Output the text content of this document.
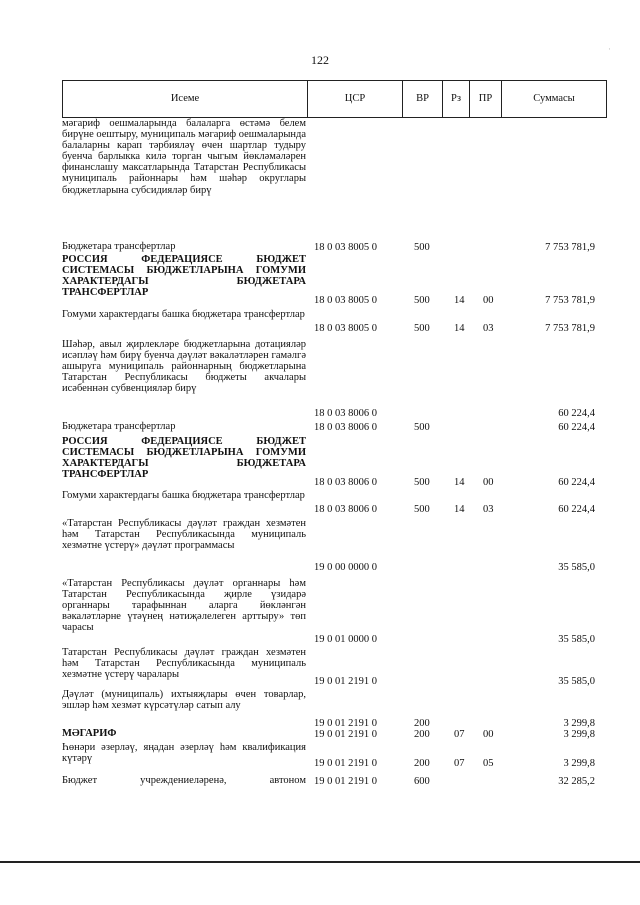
122
Исеме	ЦСР	ВР	Рз	ПР	Суммасы
мәгариф оешмаларында балаларга өстәмә белем бирүне оештыру, муниципаль мәгариф оешмаларында балаларны карап тәрбияләү өчен шартлар тудыру буенча барлыкка килә торган чыгым йөкләмәләрен финанслашу максатларында Татарстан Республикасы муниципаль районнары һәм шәһәр округлары бюджетларына субсидияләр бирү
Бюджетара трансфертлар	18 0 03 8005 0	500	7 753 781,9
РОССИЯ ФЕДЕРАЦИЯСЕ БЮДЖЕТ СИСТЕМАСЫ БЮДЖЕТЛАРЫНА ГОМУМИ ХАРАКТЕРДАГЫ БЮДЖЕТАРА ТРАНСФЕРТЛАР
18 0 03 8005 0	500 14 00	7 753 781,9
Гомуми характердагы башка бюджетара трансфертлар
18 0 03 8005 0	500 14 03	7 753 781,9
Шәһәр, авыл җирлекләре бюджетларына дотацияләр исәпләү һәм бирү буенча дәүләт вәкаләтләрен гамәлгә ашыруга муниципаль районнарның бюджетларына Татарстан Республикасы бюджеты акчалары исәбеннән субвенцияләр бирү
18 0 03 8006 0	60 224,4
Бюджетара трансфертлар	18 0 03 8006 0	500	60 224,4
РОССИЯ ФЕДЕРАЦИЯСЕ БЮДЖЕТ СИСТЕМАСЫ БЮДЖЕТЛАРЫНА ГОМУМИ ХАРАКТЕРДАГЫ БЮДЖЕТАРА ТРАНСФЕРТЛАР
18 0 03 8006 0	500 14 00	60 224,4
Гомуми характердагы башка бюджетара трансфертлар
18 0 03 8006 0	500 14 03	60 224,4
«Татарстан Республикасы дәүләт граждан хезмәтен һәм Татарстан Республикасында муниципаль хезмәтне үстерү» дәүләт программасы
19 0 00 0000 0	35 585,0
«Татарстан Республикасы дәүләт органнары һәм Татарстан Республикасында җирле үзидарә органнары тарафыннан аларга йөкләнгән вәкаләтләрне үтәүнең нәтиҗәлелеген арттыру» төп чарасы
19 0 01 0000 0	35 585,0
Татарстан Республикасы дәүләт граждан хезмәтен һәм Татарстан Республикасында муниципаль хезмәтне үстерү чаралары
19 0 01 2191 0	35 585,0
Дәүләт (муниципаль) ихтыяҗлары өчен товарлар, эшләр һәм хезмәт күрсәтүләр сатып алу
19 0 01 2191 0	200	3 299,8
МӘГАРИФ	19 0 01 2191 0	200 07 00	3 299,8
Һөнәри әзерләү, яңадан әзерләү һәм квалификация күтәрү	19 0 01 2191 0	200 07 05	3 299,8
Бюджет учреждениеләренә, автоном 19 0 01 2191 0	600	32 285,2
·
